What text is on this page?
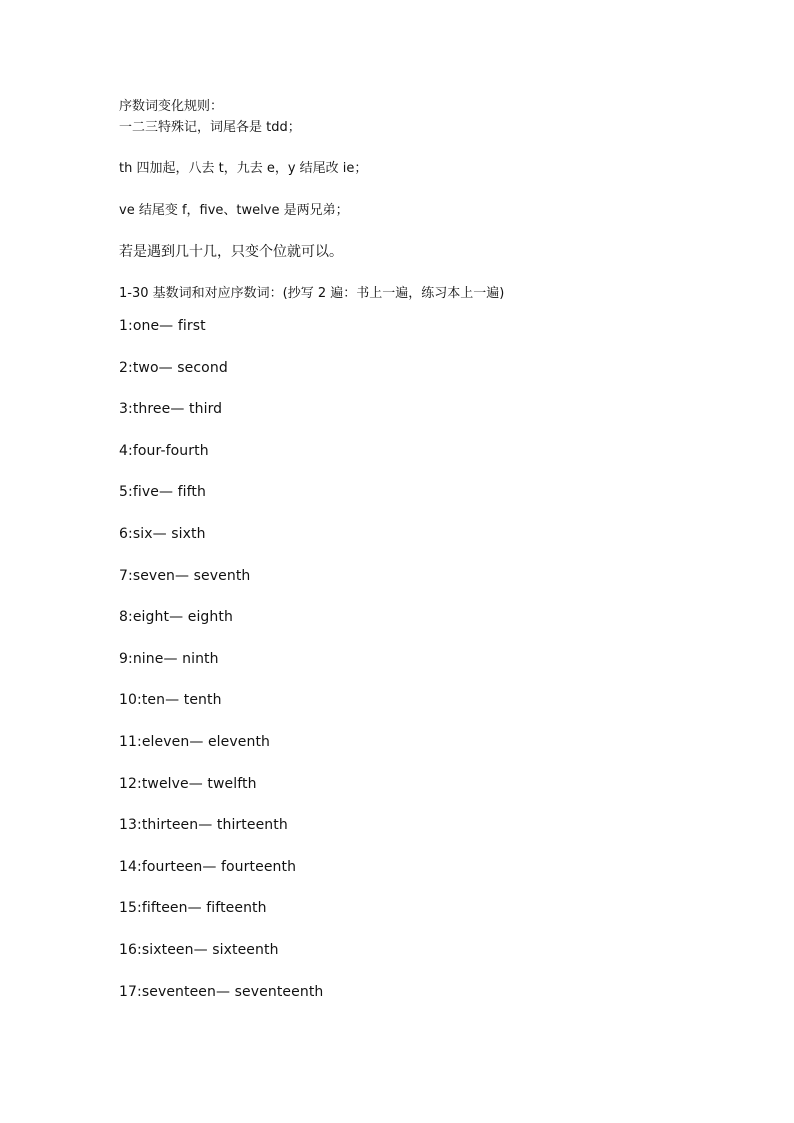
序数词变化规则：
一二三特殊记，词尾各是 tdd；
th 四加起，八去 t，九去 e，y 结尾改 ie；
ve 结尾变 f，five、twelve 是两兄弟；
若是遇到几十几，只变个位就可以。
1-30 基数词和对应序数词：(抄写 2 遍：书上一遍，练习本上一遍)
1:one— first
2:two— second
3:three— third
4:four-fourth
5:five— fifth
6:six— sixth
7:seven— seventh
8:eight— eighth
9:nine— ninth
10:ten— tenth
11:eleven— eleventh
12:twelve— twelfth
13:thirteen— thirteenth
14:fourteen— fourteenth
15:fifteen— fifteenth
16:sixteen— sixteenth
17:seventeen— seventeenth
